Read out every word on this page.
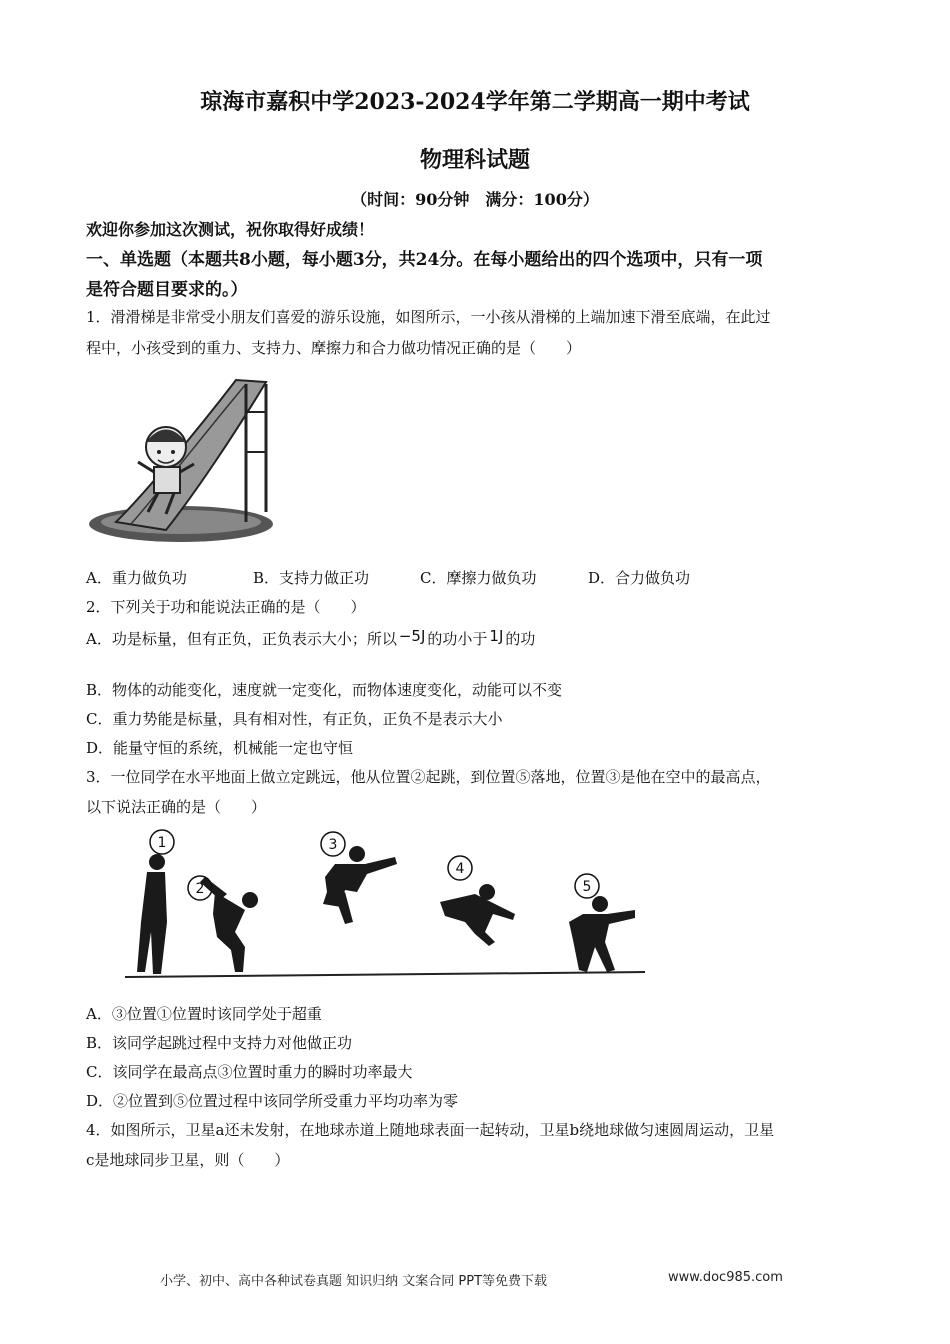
琼海市嘉积中学2023-2024学年第二学期高一期中考试
物理科试题
（时间：90分钟　满分：100分）
欢迎你参加这次测试，祝你取得好成绩！
一、单选题（本题共8小题，每小题3分，共24分。在每小题给出的四个选项中，只有一项
是符合题目要求的。）
1．滑滑梯是非常受小朋友们喜爱的游乐设施，如图所示，一小孩从滑梯的上端加速下滑至底端，在此过
程中，小孩受到的重力、支持力、摩擦力和合力做功情况正确的是（　　）
A．重力做负功	B．支持力做正功	C．摩擦力做负功	D．合力做负功
2．下列关于功和能说法正确的是（　　）
A．功是标量，但有正负，正负表示大小；所以 −5J 的功小于 1J 的功
B．物体的动能变化，速度就一定变化，而物体速度变化，动能可以不变
C．重力势能是标量，具有相对性，有正负，正负不是表示大小
D．能量守恒的系统，机械能一定也守恒
3．一位同学在水平地面上做立定跳远，他从位置②起跳，到位置⑤落地，位置③是他在空中的最高点，
以下说法正确的是（　　）
1
2
3
4
5
A．③位置①位置时该同学处于超重
B．该同学起跳过程中支持力对他做正功
C．该同学在最高点③位置时重力的瞬时功率最大
D．②位置到⑤位置过程中该同学所受重力平均功率为零
4．如图所示，卫星a还未发射，在地球赤道上随地球表面一起转动，卫星b绕地球做匀速圆周运动，卫星
c是地球同步卫星，则（　　）
小学、初中、高中各种试卷真题 知识归纳 文案合同 PPT等免费下载	www.doc985.com
